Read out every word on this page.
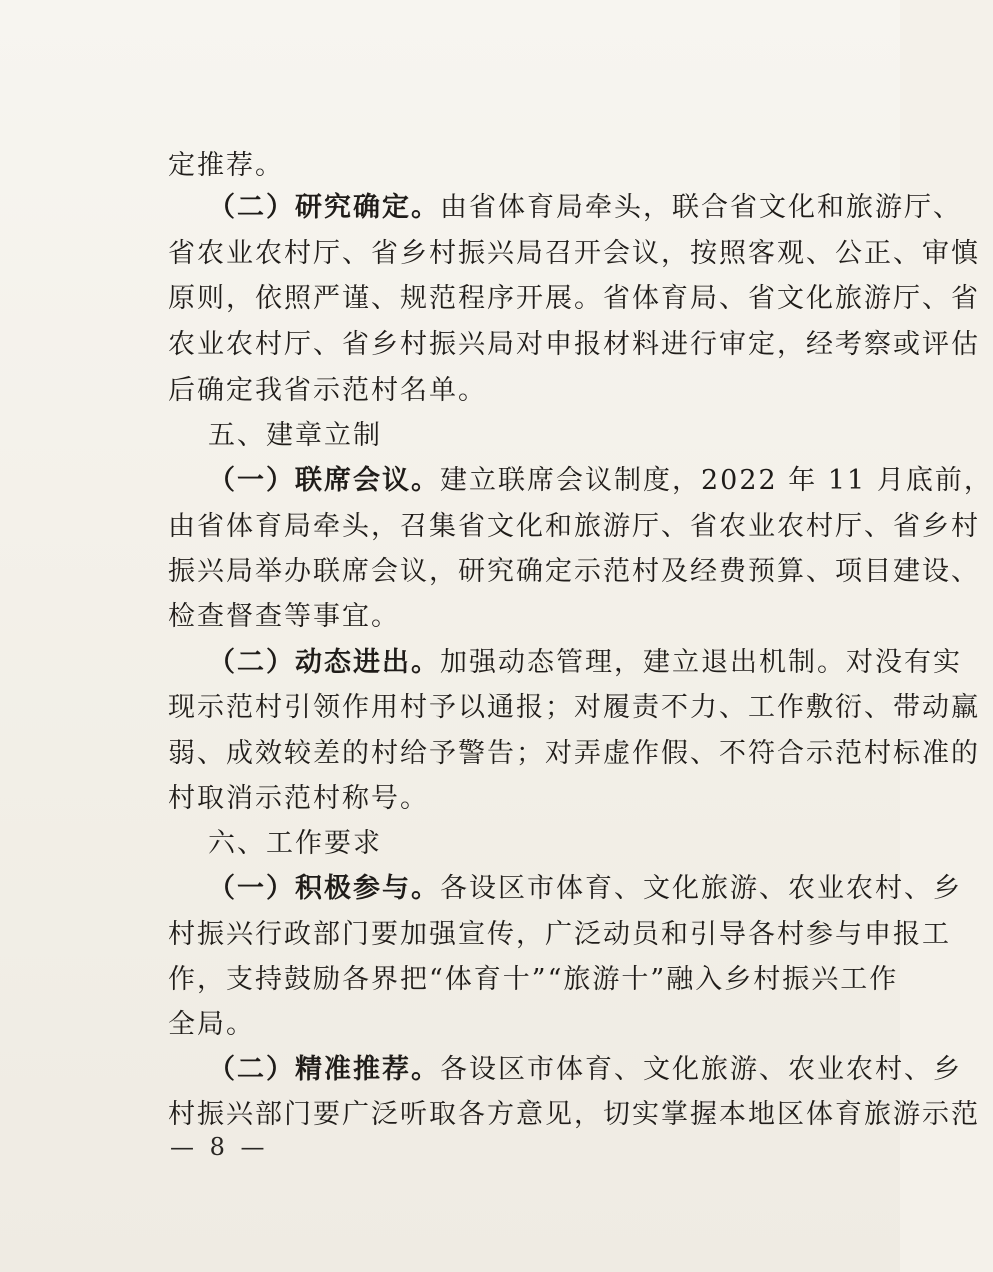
定推荐。
（二）研究确定。由省体育局牵头，联合省文化和旅游厅、
省农业农村厅、省乡村振兴局召开会议，按照客观、公正、审慎
原则，依照严谨、规范程序开展。省体育局、省文化旅游厅、省
农业农村厅、省乡村振兴局对申报材料进行审定，经考察或评估
后确定我省示范村名单。
五、建章立制
（一）联席会议。建立联席会议制度，2022 年 11 月底前，
由省体育局牵头，召集省文化和旅游厅、省农业农村厅、省乡村
振兴局举办联席会议，研究确定示范村及经费预算、项目建设、
检查督查等事宜。
（二）动态进出。加强动态管理，建立退出机制。对没有实
现示范村引领作用村予以通报；对履责不力、工作敷衍、带动羸
弱、成效较差的村给予警告；对弄虚作假、不符合示范村标准的
村取消示范村称号。
六、工作要求
（一）积极参与。各设区市体育、文化旅游、农业农村、乡
村振兴行政部门要加强宣传，广泛动员和引导各村参与申报工
作，支持鼓励各界把“体育十”“旅游十”融入乡村振兴工作
全局。
（二）精准推荐。各设区市体育、文化旅游、农业农村、乡
村振兴部门要广泛听取各方意见，切实掌握本地区体育旅游示范
— 8 —
